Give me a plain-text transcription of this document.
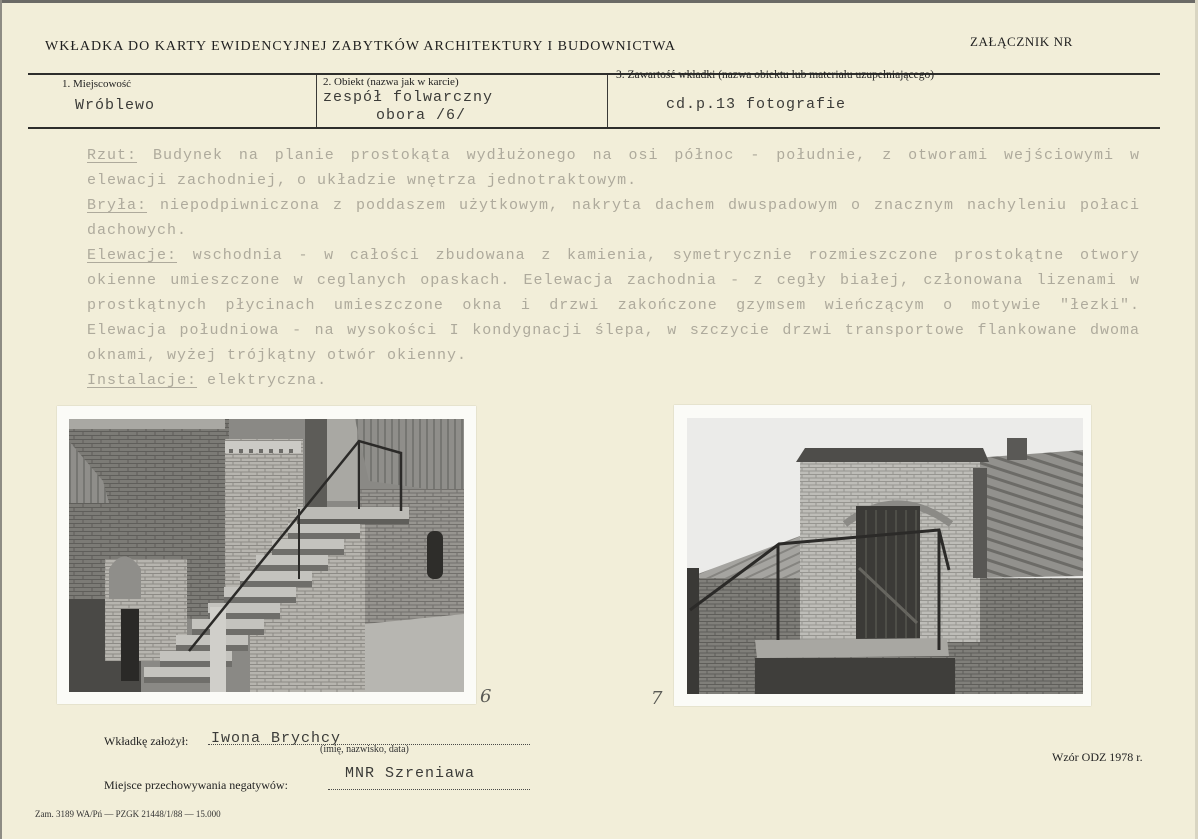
WKŁADKA DO KARTY EWIDENCYJNEJ ZABYTKÓW ARCHITEKTURY I BUDOWNICTWA	ZAŁĄCZNIK NR
1. Miejscowość
Wróblewo
2. Obiekt (nazwa jak w karcie)
zespół folwarczny
obora /6/
3. Zawartość wkładki (nazwa obiektu lub materiału uzupełniającego)
cd.p.13 fotografie
Rzut: Budynek na planie prostokąta wydłużonego na osi północ - południe, z otworami wejściowymi w
elewacji zachodniej, o układzie wnętrza jednotraktowym.
Bryła: niepodpiwniczona z poddaszem użytkowym, nakryta dachem dwuspadowym o znacznym nachyleniu połaci
dachowych.
Elewacje: wschodnia - w całości zbudowana z kamienia, symetrycznie rozmieszczone prostokątne otwory
okienne umieszczone w ceglanych opaskach. Eelewacja zachodnia - z cegły białej, członowana lizenami w
prostkątnych płycinach umieszczone okna i drzwi zakończone gzymsem wieńczącym o motywie "łezki".
Elewacja południowa - na wysokości I kondygnacji ślepa, w szczycie drzwi transportowe flankowane dwoma
oknami, wyżej trójkątny otwór okienny.
Instalacje: elektryczna.
6	7
Wkładkę założył: Iwona Brychcy
(imię, nazwisko, data)
Miejsce przechowywania negatywów:
MNR Szreniawa
Wzór ODZ 1978 r.
Zam. 3189 WA/Pń — PZGK 21448/1/88 — 15.000
